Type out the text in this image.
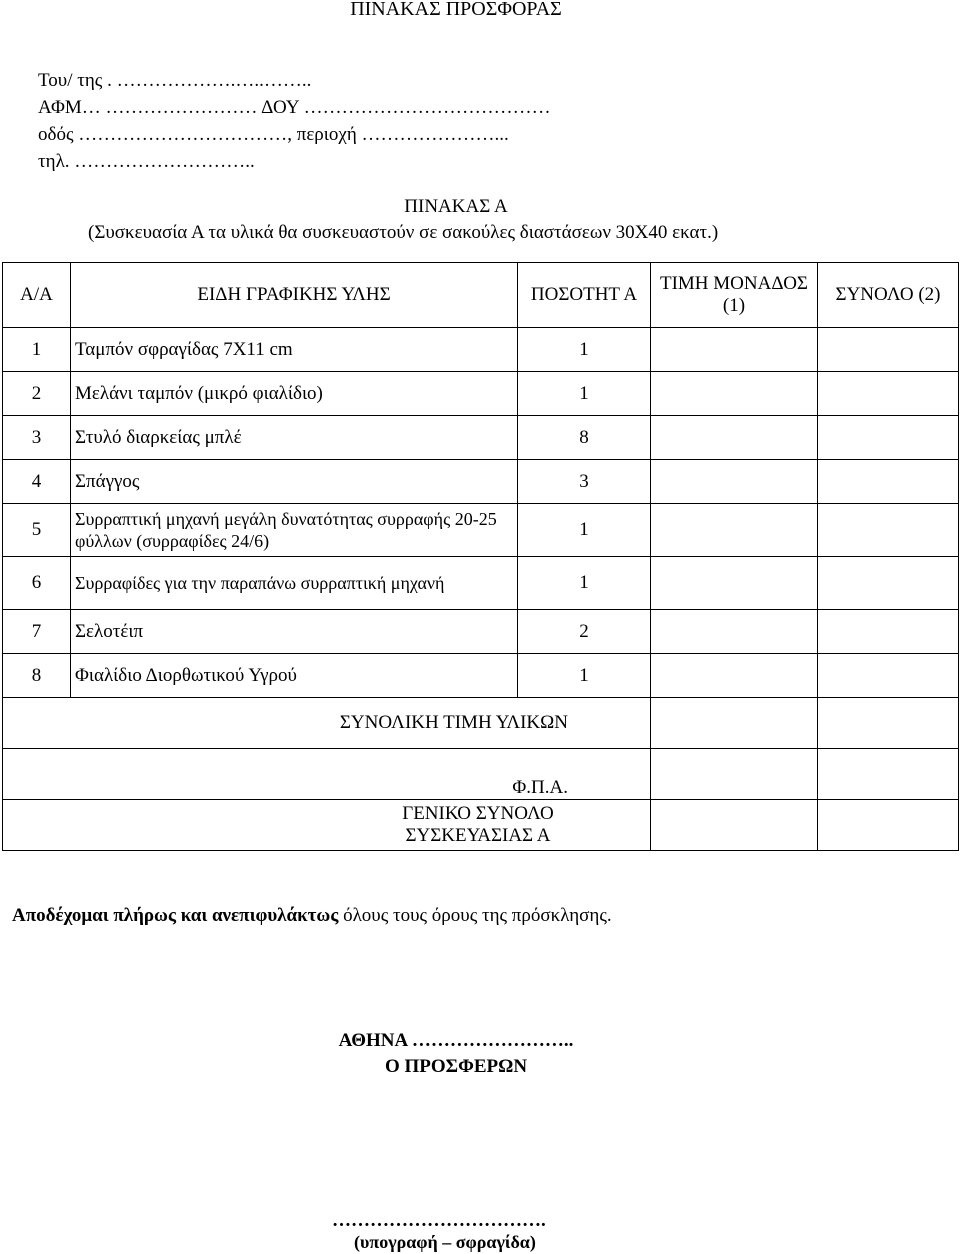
ΠΙΝΑΚΑΣ ΠΡΟΣΦΟΡΑΣ
Του/ της . ……………….…..……..
ΑΦΜ… …………………… ΔΟΥ …………………………………
οδός ……………………………, περιοχή …………………...
τηλ. ………………………..
ΠΙΝΑΚΑΣ Α
(Συσκευασία Α τα υλικά θα συσκευαστούν σε σακούλες διαστάσεων 30Χ40 εκατ.)
Α/Α	ΕΙΔΗ ΓΡΑΦΙΚΗΣ ΥΛΗΣ	ΠΟΣΟΤΗΤ Α	ΤΙΜΗ ΜΟΝΑΔΟΣ (1)	ΣΥΝΟΛΟ (2)
1	Ταμπόν σφραγίδας 7Χ11 cm	1		
2	Μελάνι ταμπόν (μικρό φιαλίδιο)	1		
3	Στυλό διαρκείας μπλέ	8		
4	Σπάγγος	3		
5	Συρραπτική μηχανή μεγάλη δυνατότητας συρραφής 20-25 φύλλων (συρραφίδες 24/6)	1		
6	Συρραφίδες για την παραπάνω συρραπτική μηχανή	1		
7	Σελοτέιπ	2		
8	Φιαλίδιο Διορθωτικού Υγρού	1		
ΣΥΝΟΛΙΚΗ ΤΙΜΗ ΥΛΙΚΩΝ				
Φ.Π.Α.				
ΓΕΝΙΚΟ ΣΥΝΟΛΟ ΣΥΣΚΕΥΑΣΙΑΣ Α				
Αποδέχομαι πλήρως και ανεπιφυλάκτως όλους τους όρους της πρόσκλησης.
ΑΘΗΝΑ ……………………..
Ο ΠΡΟΣΦΕΡΩΝ
…………………………….
(υπογραφή – σφραγίδα)
